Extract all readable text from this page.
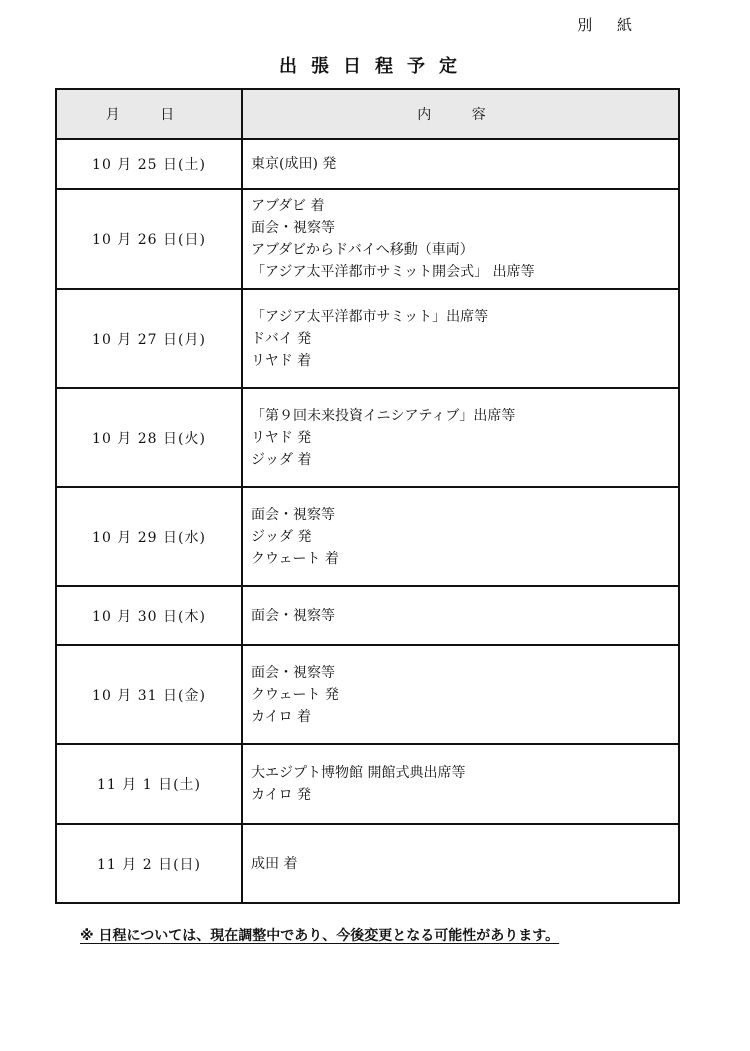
別 紙
出張日程予定
月 日	内 容
10 月 25 日(土)	東京(成田) 発

10 月 26 日(日)	アブダビ 着
面会・視察等
アブダビからドバイへ移動（車両）
「アジア太平洋都市サミット開会式」 出席等

10 月 27 日(月)	「アジア太平洋都市サミット」出席等
ドバイ 発
リヤド 着

10 月 28 日(火)	「第９回未来投資イニシアティブ」出席等
リヤド 発
ジッダ 着

10 月 29 日(水)	面会・視察等
ジッダ 発
クウェート 着

10 月 30 日(木)	面会・視察等

10 月 31 日(金)	面会・視察等
クウェート 発
カイロ 着

11 月 1 日(土)	大エジプト博物館 開館式典出席等
カイロ 発

11 月 2 日(日)	成田 着
※ 日程については、現在調整中であり、今後変更となる可能性があります。
